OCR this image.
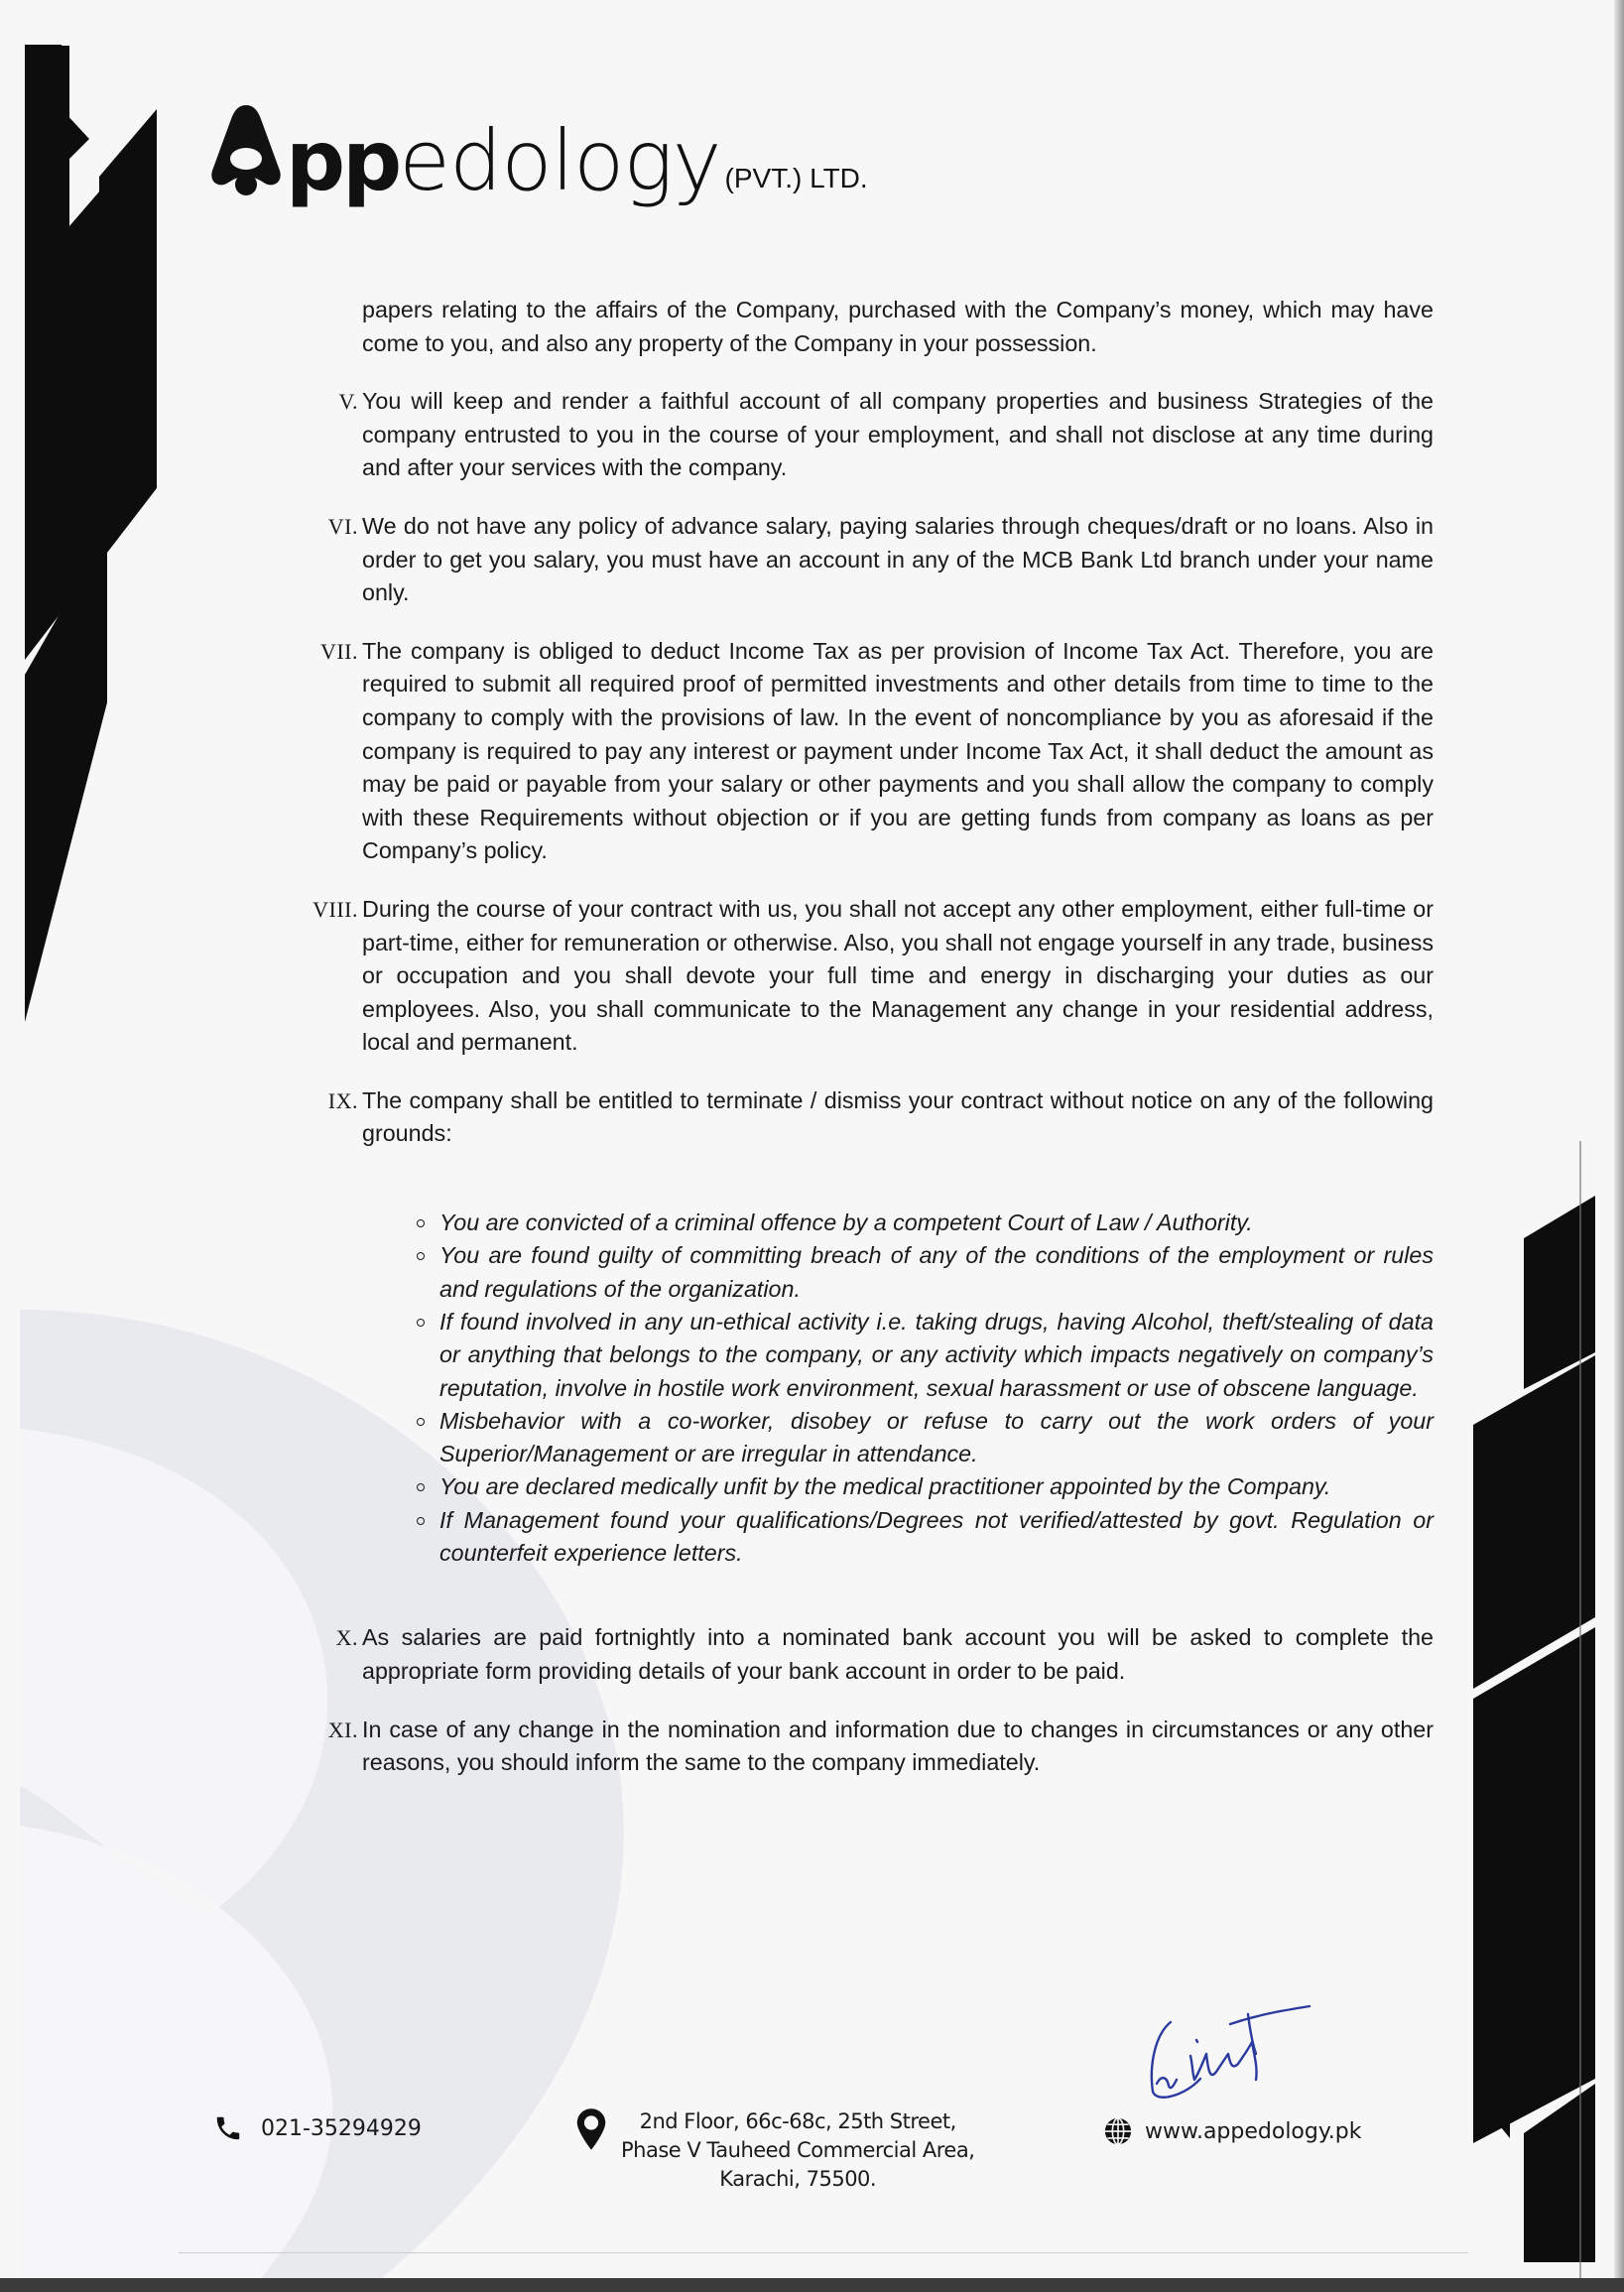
pp edology (PVT.) LTD.

papers relating to the affairs of the Company, purchased with the Company’s money, which may have come to you, and also any property of the Company in your possession.

V. You will keep and render a faithful account of all company properties and business Strategies of the company entrusted to you in the course of your employment, and shall not disclose at any time during and after your services with the company.

VI. We do not have any policy of advance salary, paying salaries through cheques/draft or no loans. Also in order to get you salary, you must have an account in any of the MCB Bank Ltd branch under your name only.

VII. The company is obliged to deduct Income Tax as per provision of Income Tax Act. Therefore, you are required to submit all required proof of permitted investments and other details from time to time to the company to comply with the provisions of law. In the event of noncompliance by you as aforesaid if the company is required to pay any interest or payment under Income Tax Act, it shall deduct the amount as may be paid or payable from your salary or other payments and you shall allow the company to comply with these Requirements without objection or if you are getting funds from company as loans as per Company’s policy.

VIII. During the course of your contract with us, you shall not accept any other employment, either full-time or part-time, either for remuneration or otherwise. Also, you shall not engage yourself in any trade, business or occupation and you shall devote your full time and energy in discharging your duties as our employees. Also, you shall communicate to the Management any change in your residential address, local and permanent.

IX. The company shall be entitled to terminate / dismiss your contract without notice on any of the following grounds:

You are convicted of a criminal offence by a competent Court of Law / Authority.
You are found guilty of committing breach of any of the conditions of the employment or rules and regulations of the organization.
If found involved in any un-ethical activity i.e. taking drugs, having Alcohol, theft/stealing of data or anything that belongs to the company, or any activity which impacts negatively on company’s reputation, involve in hostile work environment, sexual harassment or use of obscene language.
Misbehavior with a co-worker, disobey or refuse to carry out the work orders of your Superior/Management or are irregular in attendance.
You are declared medically unfit by the medical practitioner appointed by the Company.
If Management found your qualifications/Degrees not verified/attested by govt. Regulation or counterfeit experience letters.

X. As salaries are paid fortnightly into a nominated bank account you will be asked to complete the appropriate form providing details of your bank account in order to be paid.

XI. In case of any change in the nomination and information due to changes in circumstances or any other reasons, you should inform the same to the company immediately.

021-35294929	2nd Floor, 66c-68c, 25th Street,
Phase V Tauheed Commercial Area,
Karachi, 75500.
www.appedology.pk
